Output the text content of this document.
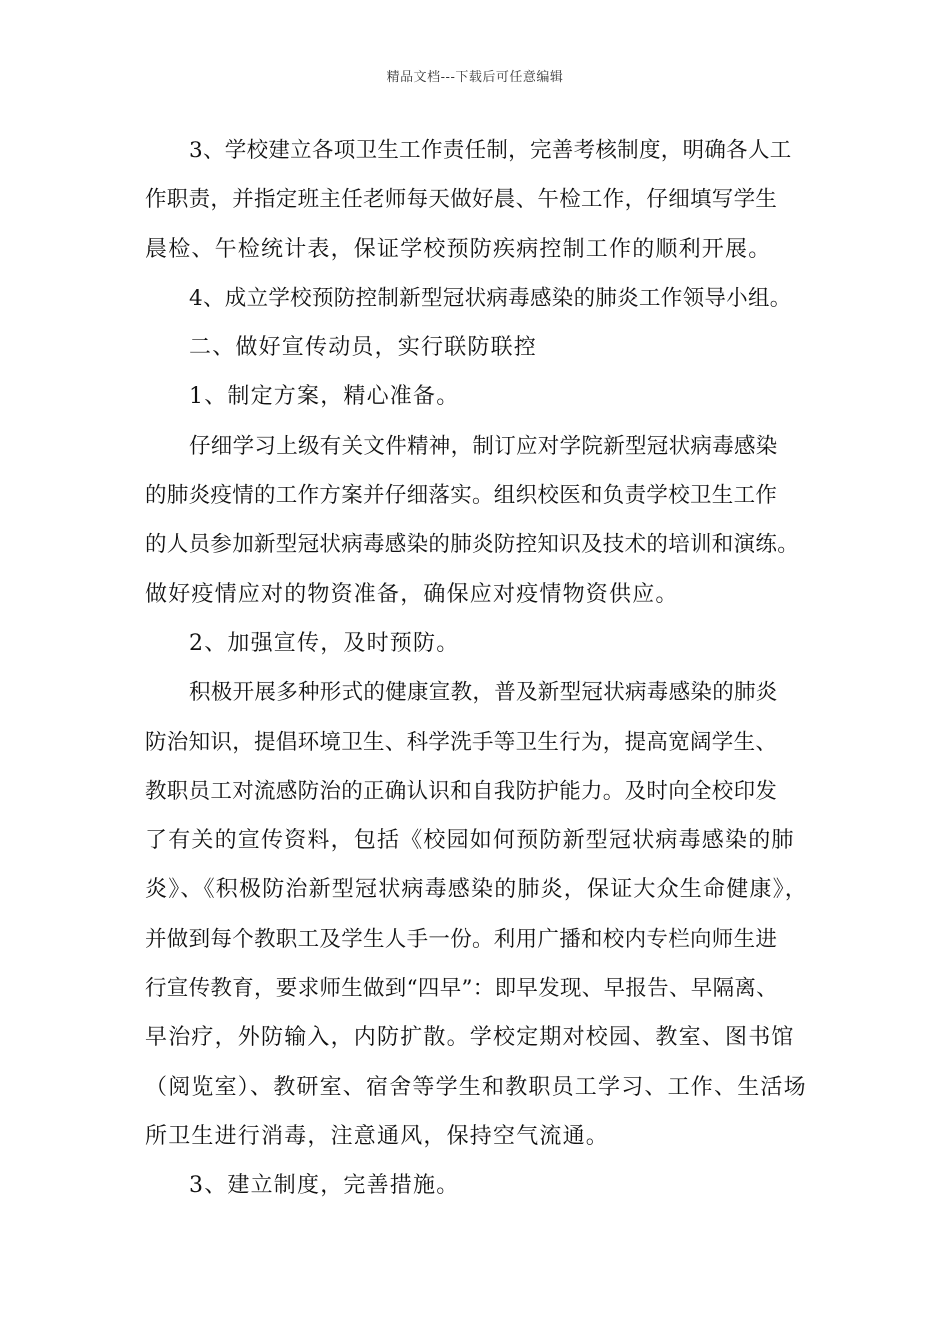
精品文档---下载后可任意编辑
3、学校建立各项卫生工作责任制，完善考核制度，明确各人工
作职责，并指定班主任老师每天做好晨、午检工作，仔细填写学生
晨检、午检统计表，保证学校预防疾病控制工作的顺利开展。
4、成立学校预防控制新型冠状病毒感染的肺炎工作领导小组。
二、做好宣传动员，实行联防联控
1、制定方案，精心准备。
仔细学习上级有关文件精神，制订应对学院新型冠状病毒感染
的肺炎疫情的工作方案并仔细落实。组织校医和负责学校卫生工作
的人员参加新型冠状病毒感染的肺炎防控知识及技术的培训和演练。
做好疫情应对的物资准备，确保应对疫情物资供应。
2、加强宣传，及时预防。
积极开展多种形式的健康宣教，普及新型冠状病毒感染的肺炎
防治知识，提倡环境卫生、科学洗手等卫生行为，提高宽阔学生、
教职员工对流感防治的正确认识和自我防护能力。及时向全校印发
了有关的宣传资料，包括《校园如何预防新型冠状病毒感染的肺
炎》、《积极防治新型冠状病毒感染的肺炎，保证大众生命健康》，
并做到每个教职工及学生人手一份。利用广播和校内专栏向师生进
行宣传教育，要求师生做到“四早”：即早发现、早报告、早隔离、
早治疗，外防输入，内防扩散。学校定期对校园、教室、图书馆
（阅览室）、教研室、宿舍等学生和教职员工学习、工作、生活场
所卫生进行消毒，注意通风，保持空气流通。
3、建立制度，完善措施。
